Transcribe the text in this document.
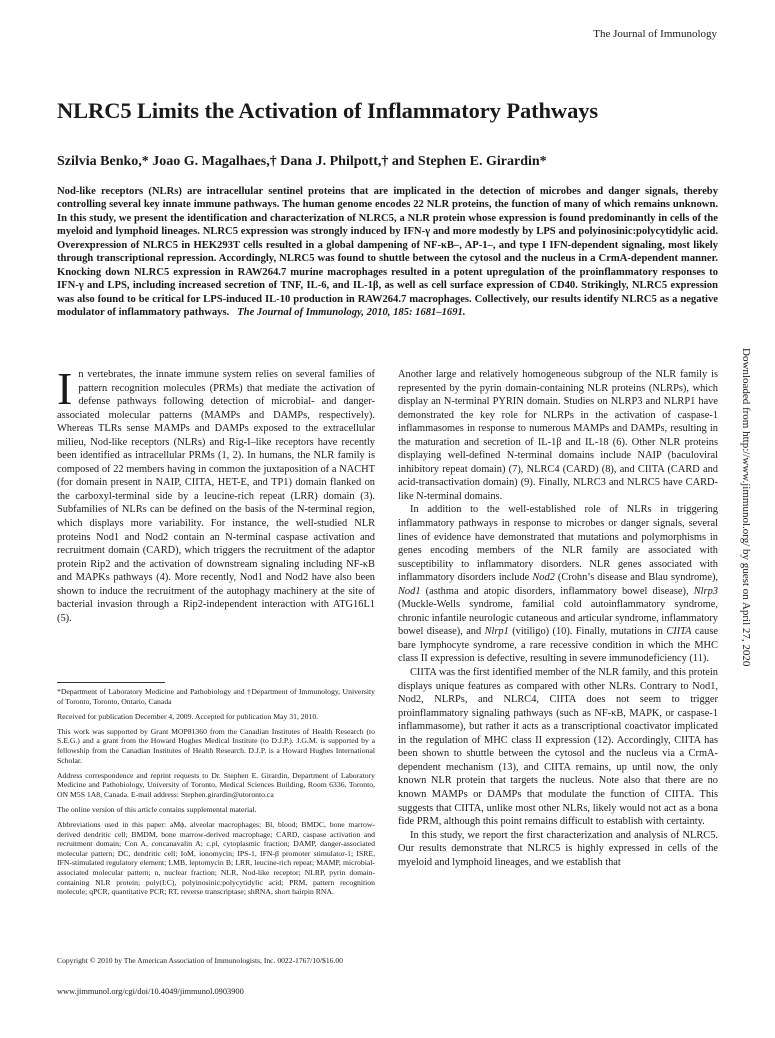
The Journal of Immunology
NLRC5 Limits the Activation of Inflammatory Pathways

Szilvia Benko,* Joao G. Magalhaes,† Dana J. Philpott,† and Stephen E. Girardin*

Nod-like receptors (NLRs) are intracellular sentinel proteins that are implicated in the detection of microbes and danger signals, thereby controlling several key innate immune pathways. The human genome encodes 22 NLR proteins, the function of many of which remains unknown. In this study, we present the identification and characterization of NLRC5, a NLR protein whose expression is found predominantly in cells of the myeloid and lymphoid lineages. NLRC5 expression was strongly induced by IFN-γ and more modestly by LPS and polyinosinic:polycytidylic acid. Overexpression of NLRC5 in HEK293T cells resulted in a global dampening of NF-κB–, AP-1–, and type I IFN-dependent signaling, most likely through transcriptional repression. Accordingly, NLRC5 was found to shuttle between the cytosol and the nucleus in a CrmA-dependent manner. Knocking down NLRC5 expression in RAW264.7 murine macrophages resulted in a potent upregulation of the proinflammatory responses to IFN-γ and LPS, including increased secretion of TNF, IL-6, and IL-1β, as well as cell surface expression of CD40. Strikingly, NLRC5 expression was also found to be critical for LPS-induced IL-10 production in RAW264.7 macrophages. Collectively, our results identify NLRC5 as a negative modulator of inflammatory pathways. The Journal of Immunology, 2010, 185: 1681–1691.

In vertebrates, the innate immune system relies on several families of pattern recognition molecules (PRMs) that mediate the activation of defense pathways following detection of microbial- and danger-associated molecular patterns (MAMPs and DAMPs, respectively). Whereas TLRs sense MAMPs and DAMPs exposed to the extracellular milieu, Nod-like receptors (NLRs) and Rig-I–like receptors have recently been identified as intracellular PRMs (1, 2). In humans, the NLR family is composed of 22 members having in common the juxtaposition of a NACHT (for domain present in NAIP, CIITA, HET-E, and TP1) domain flanked on the carboxyl-terminal side by a leucine-rich repeat (LRR) domain (3). Subfamilies of NLRs can be defined on the basis of the N-terminal region, which displays more variability. For instance, the well-studied NLR proteins Nod1 and Nod2 contain an N-terminal caspase activation and recruitment domain (CARD), which triggers the recruitment of the adaptor protein Rip2 and the activation of downstream signaling including NF-κB and MAPKs pathways (4). More recently, Nod1 and Nod2 have also been shown to induce the recruitment of the autophagy machinery at the site of bacterial invasion through a Rip2-independent interaction with ATG16L1 (5).

*Department of Laboratory Medicine and Pathobiology and †Department of Immunology, University of Toronto, Toronto, Ontario, Canada

Received for publication December 4, 2009. Accepted for publication May 31, 2010.

This work was supported by Grant MOP81360 from the Canadian Institutes of Health Research (to S.E.G.) and a grant from the Howard Hughes Medical Institute (to D.J.P.). J.G.M. is supported by a fellowship from the Canadian Institutes of Health Research. D.J.P. is a Howard Hughes International Scholar.

Address correspondence and reprint requests to Dr. Stephen E. Girardin, Department of Laboratory Medicine and Pathobiology, University of Toronto, Medical Sciences Building, Room 6336, Toronto, ON M5S 1A8, Canada. E-mail address: Stephen.girardin@utoronto.ca

The online version of this article contains supplemental material.

Abbreviations used in this paper: aMϕ, alveolar macrophages; Bl, blood; BMDC, bone marrow-derived dendritic cell; BMDM, bone marrow-derived macrophage; CARD, caspase activation and recruitment domain; Con A, concanavalin A; c.pl, cytoplasmic fraction; DAMP, danger-associated molecular pattern; DC, dendritic cell; IoM, ionomycin; IPS-1, IFN-β promoter stimulator-1; ISRE, IFN-stimulated regulatory element; LMB, leptomycin B; LRR, leucine-rich repeat; MAMP, microbial-associated molecular pattern; n, nuclear fraction; NLR, Nod-like receptor; NLRP, pyrin domain-containing NLR protein; poly(I:C), polyinosinic:polycytidylic acid; PRM, pattern recognition molecule; qPCR, quantitative PCR; RT, reverse transcriptase; shRNA, short hairpin RNA.

Copyright © 2010 by The American Association of Immunologists, Inc. 0022-1767/10/$16.00
www.jimmunol.org/cgi/doi/10.4049/jimmunol.0903900

Another large and relatively homogeneous subgroup of the NLR family is represented by the pyrin domain-containing NLR proteins (NLRPs), which display an N-terminal PYRIN domain. Studies on NLRP3 and NLRP1 have demonstrated the key role for NLRPs in the activation of caspase-1 inflammasomes in response to numerous MAMPs and DAMPs, resulting in the maturation and secretion of IL-1β and IL-18 (6). Other NLR proteins displaying well-defined N-terminal domains include NAIP (baculoviral inhibitory repeat domain) (7), NLRC4 (CARD) (8), and CIITA (CARD and acid-transactivation domain) (9). Finally, NLRC3 and NLRC5 have CARD-like N-terminal domains.

In addition to the well-established role of NLRs in triggering inflammatory pathways in response to microbes or danger signals, several lines of evidence have demonstrated that mutations and polymorphisms in genes encoding members of the NLR family are associated with susceptibility to inflammatory disorders. NLR genes associated with inflammatory disorders include Nod2 (Crohn’s disease and Blau syndrome), Nod1 (asthma and atopic disorders, inflammatory bowel disease), Nlrp3 (Muckle-Wells syndrome, familial cold autoinflammatory syndrome, chronic infantile neurologic cutaneous and articular syndrome, inflammatory bowel disease), and Nlrp1 (vitiligo) (10). Finally, mutations in CIITA cause bare lymphocyte syndrome, a rare recessive condition in which the MHC class II expression is defective, resulting in severe immunodeficiency (11).

CIITA was the first identified member of the NLR family, and this protein displays unique features as compared with other NLRs. Contrary to Nod1, Nod2, NLRPs, and NLRC4, CIITA does not seem to trigger proinflammatory signaling pathways (such as NF-κB, MAPK, or caspase-1 inflammasome), but rather it acts as a transcriptional coactivator implicated in the regulation of MHC class II expression (12). Accordingly, CIITA has been shown to shuttle between the cytosol and the nucleus via a CrmA-dependent mechanism (13), and CIITA remains, up until now, the only known NLR protein that targets the nucleus. Note also that there are no known MAMPs or DAMPs that modulate the function of CIITA. This suggests that CIITA, unlike most other NLRs, likely would not act as a bona fide PRM, although this point remains difficult to establish with certainty.

In this study, we report the first characterization and analysis of NLRC5. Our results demonstrate that NLRC5 is highly expressed in cells of the myeloid and lymphoid lineages, and we establish that

Downloaded from http://www.jimmunol.org/ by guest on April 27, 2020
